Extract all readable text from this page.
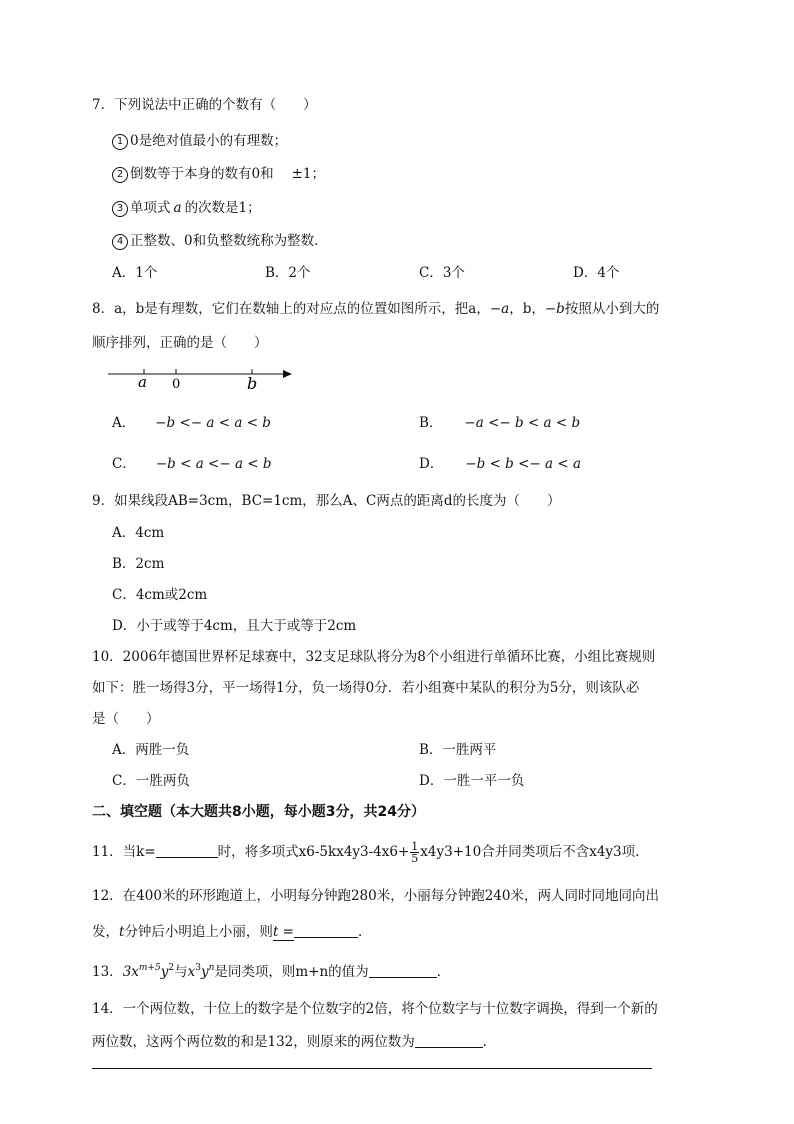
7．下列说法中正确的个数有（　　）
1 0是绝对值最小的有理数；
2 倒数等于本身的数有0和 ±1；
3 单项式 a 的次数是1；
4 正整数、0和负整数统称为整数．
A．1个	B．2个	C．3个	D．4个
8．a，b是有理数，它们在数轴上的对应点的位置如图所示，把a，−a，b，−b按照从小到大的
顺序排列，正确的是（　　）
a 0	b
A． −b <− a < a < b	B． −a <− b < a < b
C． −b < a <− a < b	D． −b < b <− a < a
9．如果线段AB=3cm，BC=1cm，那么A、C两点的距离d的长度为（　　）
A．4cm
B．2cm
C．4cm或2cm
D．小于或等于4cm，且大于或等于2cm
10．2006年德国世界杯足球赛中，32支足球队将分为8个小组进行单循环比赛，小组比赛规则
如下：胜一场得3分，平一场得1分，负一场得0分．若小组赛中某队的积分为5分，则该队必
是（　　）
A．两胜一负	B．一胜两平
C．一胜两负	D．一胜一平一负
二、填空题（本大题共8小题，每小题3分，共24分）
11．当k=	时，将多项式$x6-5kx4y3-4x6+ \frac{1}{5} x4y3+10$合并同类项后不含x4y3项.
12．在400米的环形跑道上，小明每分钟跑280米，小丽每分钟跑240米，两人同时同地同向出
发，t分钟后小明追上小丽，则t =	．
13．$3x^{m+5}y^2$与$x^3y^n$是同类项，则m+n的值为	．
14．一个两位数，十位上的数字是个位数字的2倍，将个位数字与十位数字调换，得到一个新的
两位数，这两个两位数的和是132，则原来的两位数为	．
